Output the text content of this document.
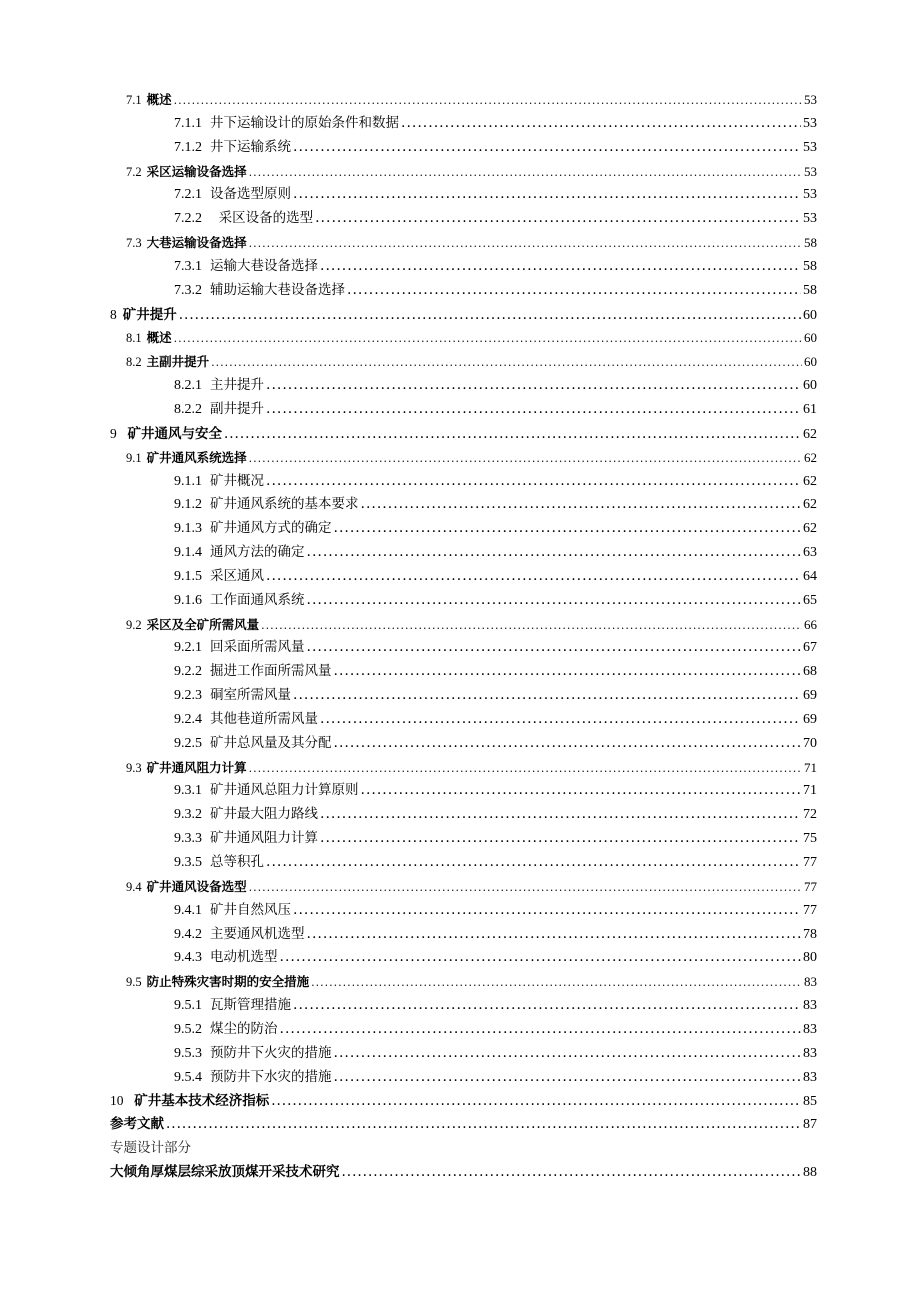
7.1 概述 .....	53
7.1.1 井下运输设计的原始条件和数据 .....	53
7.1.2 井下运输系统 .....	53
7.2 采区运输设备选择 .....	53
7.2.1 设备选型原则 .....	53
7.2.2 采区设备的选型 .....	53
7.3 大巷运输设备选择 .....	58
7.3.1 运输大巷设备选择 .....	58
7.3.2 辅助运输大巷设备选择 .....	58
8 矿井提升 .....	60
8.1 概述 .....	60
8.2 主副井提升 .....	60
8.2.1 主井提升 .....	60
8.2.2 副井提升 .....	61
9 矿井通风与安全 .....	62
9.1 矿井通风系统选择 .....	62
9.1.1 矿井概况 .....	62
9.1.2 矿井通风系统的基本要求 .....	62
9.1.3 矿井通风方式的确定 .....	62
9.1.4 通风方法的确定 .....	63
9.1.5 采区通风 .....	64
9.1.6 工作面通风系统 .....	65
9.2 采区及全矿所需风量 .....	66
9.2.1 回采面所需风量 .....	67
9.2.2 掘进工作面所需风量 .....	68
9.2.3 硐室所需风量 .....	69
9.2.4 其他巷道所需风量 .....	69
9.2.5 矿井总风量及其分配 .....	70
9.3 矿井通风阻力计算 .....	71
9.3.1 矿井通风总阻力计算原则 .....	71
9.3.2 矿井最大阻力路线 .....	72
9.3.3 矿井通风阻力计算 .....	75
9.3.5 总等积孔 .....	77
9.4 矿井通风设备选型 .....	77
9.4.1 矿井自然风压 .....	77
9.4.2 主要通风机选型 .....	78
9.4.3 电动机选型 .....	80
9.5 防止特殊灾害时期的安全措施 .....	83
9.5.1 瓦斯管理措施 .....	83
9.5.2 煤尘的防治 .....	83
9.5.3 预防井下火灾的措施 .....	83
9.5.4 预防井下水灾的措施 .....	83
10 矿井基本技术经济指标 .....	85
参考文献 .....	87
专题设计部分
大倾角厚煤层综采放顶煤开采技术研究 .....	88
